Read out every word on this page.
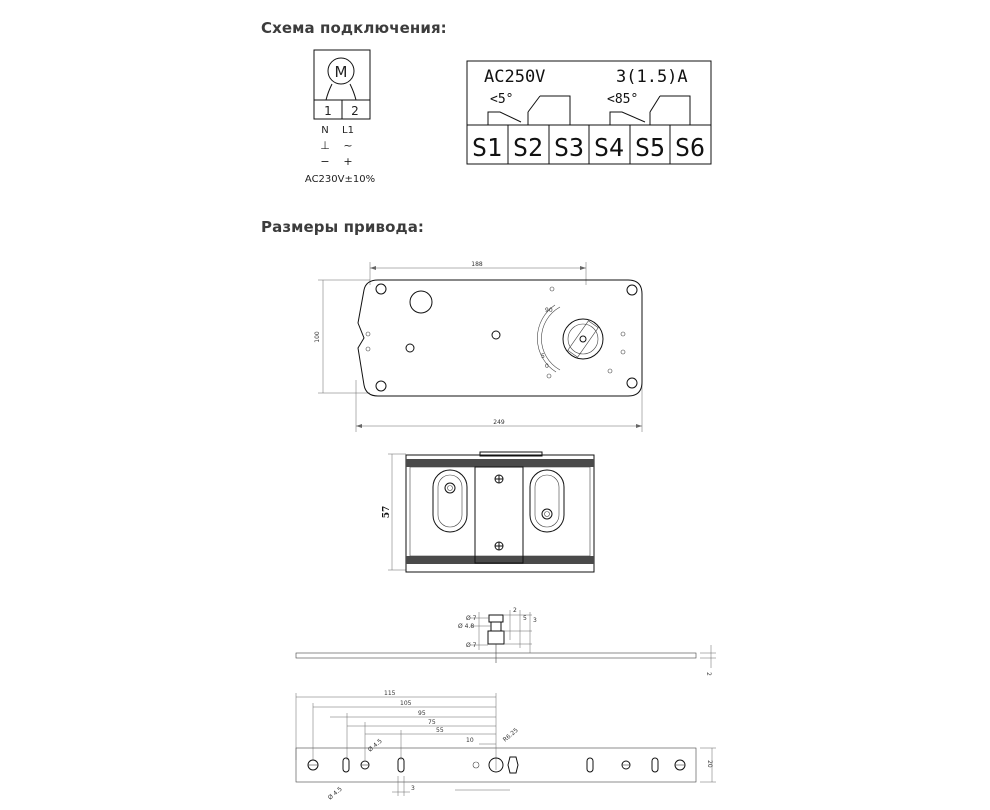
Схема подключения:
Размеры привода:
M
1 2
N L1
⊥ ~
− +
AC230V±10%
AC250V	3(1.5)A
<5°	<85°
S1 S2 S3 S4 S5 S6
188
100
249
90
5
0
57
Ø 7
Ø 4.8
Ø 7
2
5 3
2
115
105
95
75
55
10
Ø 4.5
R6.25
Ø 4.5	3
20
